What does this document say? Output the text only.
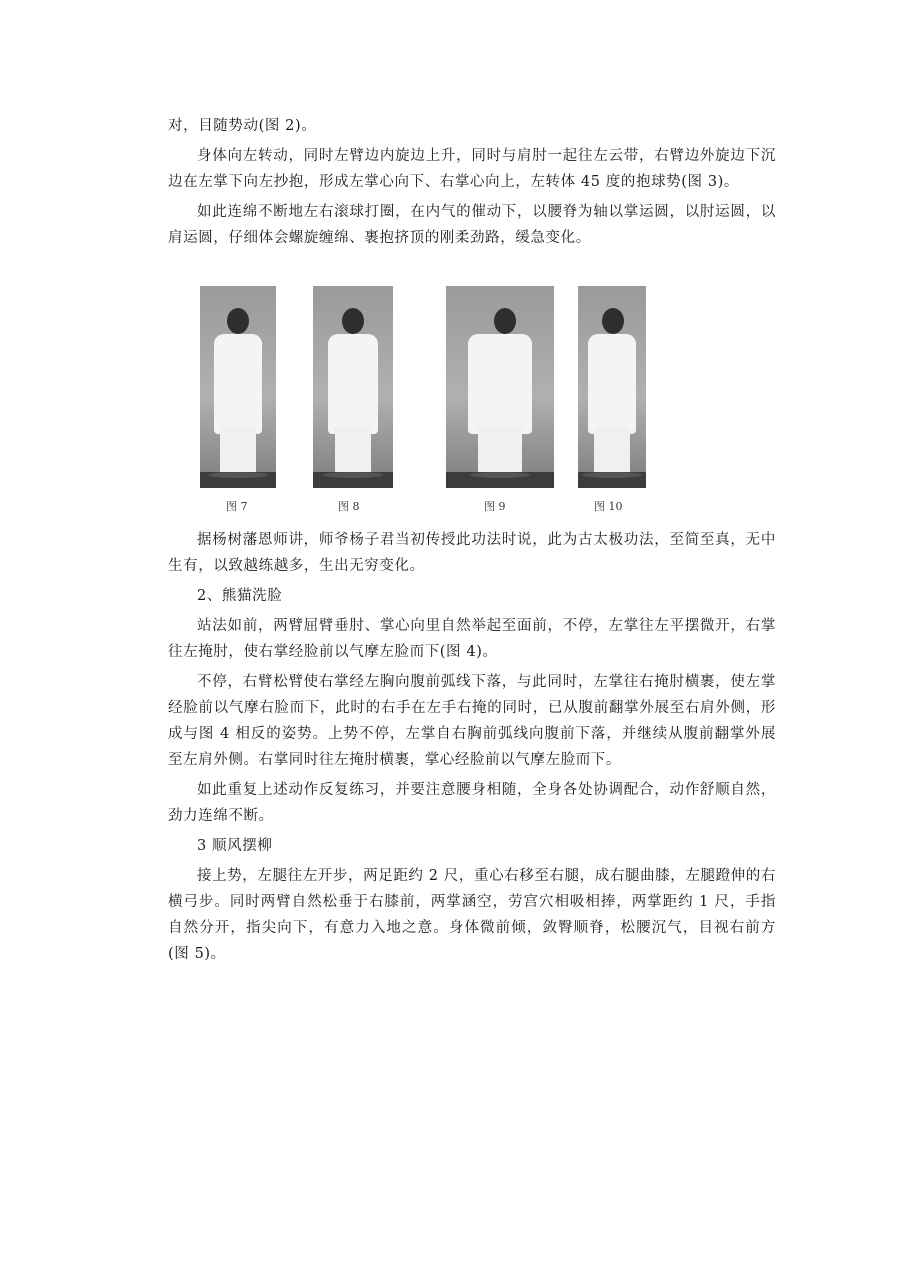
对，目随势动(图 2)。

身体向左转动，同时左臂边内旋边上升，同时与肩肘一起往左云带，右臂边外旋边下沉边在左掌下向左抄抱，形成左掌心向下、右掌心向上，左转体 45 度的抱球势(图 3)。

如此连绵不断地左右滚球打圈，在内气的催动下，以腰脊为轴以掌运圆，以肘运圆，以肩运圆，仔细体会螺旋缠绵、裹抱挤顶的刚柔劲路，缓急变化。

图 7	图 8	图 9	图 10

据杨树藩恩师讲，师爷杨子君当初传授此功法时说，此为古太极功法，至简至真，无中生有，以致越练越多，生出无穷变化。

2、熊猫洗脸

站法如前，两臂屈臂垂肘、掌心向里自然举起至面前，不停，左掌往左平摆微开，右掌往左掩肘，使右掌经脸前以气摩左脸而下(图 4)。

不停，右臂松臂使右掌经左胸向腹前弧线下落，与此同时，左掌往右掩肘横裹，使左掌经脸前以气摩右脸而下，此时的右手在左手右掩的同时，已从腹前翻掌外展至右肩外侧，形成与图 4 相反的姿势。上势不停，左掌自右胸前弧线向腹前下落，并继续从腹前翻掌外展至左肩外侧。右掌同时往左掩肘横裹，掌心经脸前以气摩左脸而下。

如此重复上述动作反复练习，并要注意腰身相随，全身各处协调配合，动作舒顺自然，劲力连绵不断。

3 顺风摆柳

接上势，左腿往左开步，两足距约 2 尺，重心右移至右腿，成右腿曲膝，左腿蹬伸的右横弓步。同时两臂自然松垂于右膝前，两掌涵空，劳宫穴相吸相捧，两掌距约 1 尺，手指自然分开，指尖向下，有意力入地之意。身体微前倾，敛臀顺脊，松腰沉气，目视右前方(图 5)。
